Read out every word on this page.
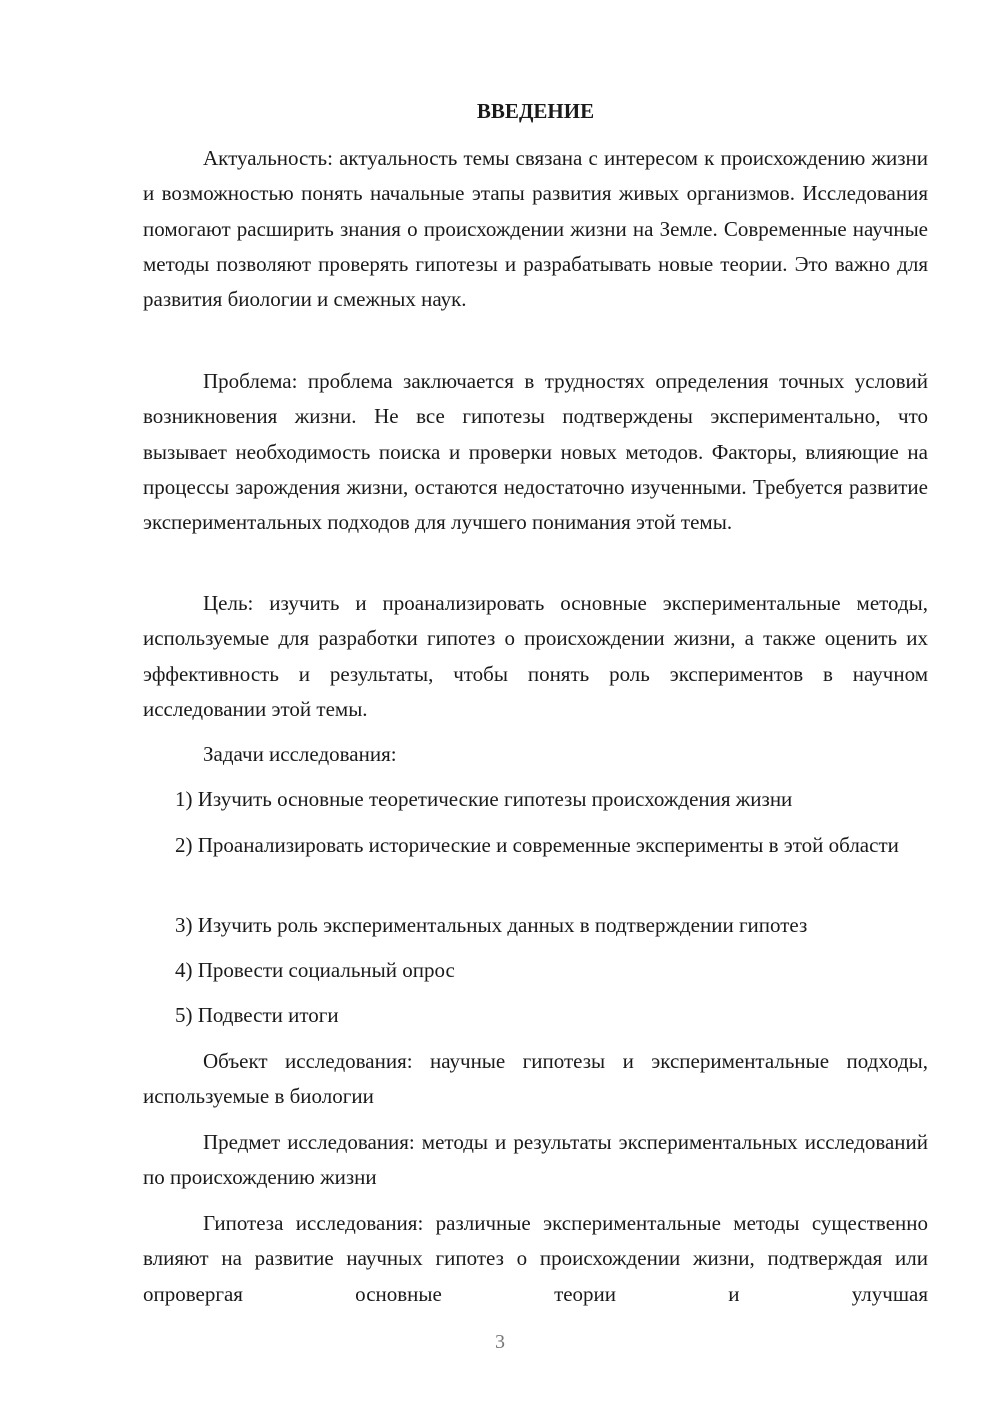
ВВЕДЕНИЕ

Актуальность: актуальность темы связана с интересом к происхождению жизни и возможностью понять начальные этапы развития живых организмов. Исследования помогают расширить знания о происхождении жизни на Земле. Современные научные методы позволяют проверять гипотезы и разрабатывать новые теории. Это важно для развития биологии и смежных наук.

Проблема: проблема заключается в трудностях определения точных условий возникновения жизни. Не все гипотезы подтверждены экспериментально, что вызывает необходимость поиска и проверки новых методов. Факторы, влияющие на процессы зарождения жизни, остаются недостаточно изученными. Требуется развитие экспериментальных подходов для лучшего понимания этой темы.

Цель: изучить и проанализировать основные экспериментальные методы, используемые для разработки гипотез о происхождении жизни, а также оценить их эффективность и результаты, чтобы понять роль экспериментов в научном исследовании этой темы.

Задачи исследования:

1) Изучить основные теоретические гипотезы происхождения жизни

2) Проанализировать исторические и современные эксперименты в этой области

3) Изучить роль экспериментальных данных в подтверждении гипотез

4) Провести социальный опрос

5) Подвести итоги

Объект исследования: научные гипотезы и экспериментальные подходы, используемые в биологии

Предмет исследования: методы и результаты экспериментальных исследований по происхождению жизни

Гипотеза исследования: различные экспериментальные методы существенно влияют на развитие научных гипотез о происхождении жизни, подтверждая или опровергая основные теории и улучшая

3
